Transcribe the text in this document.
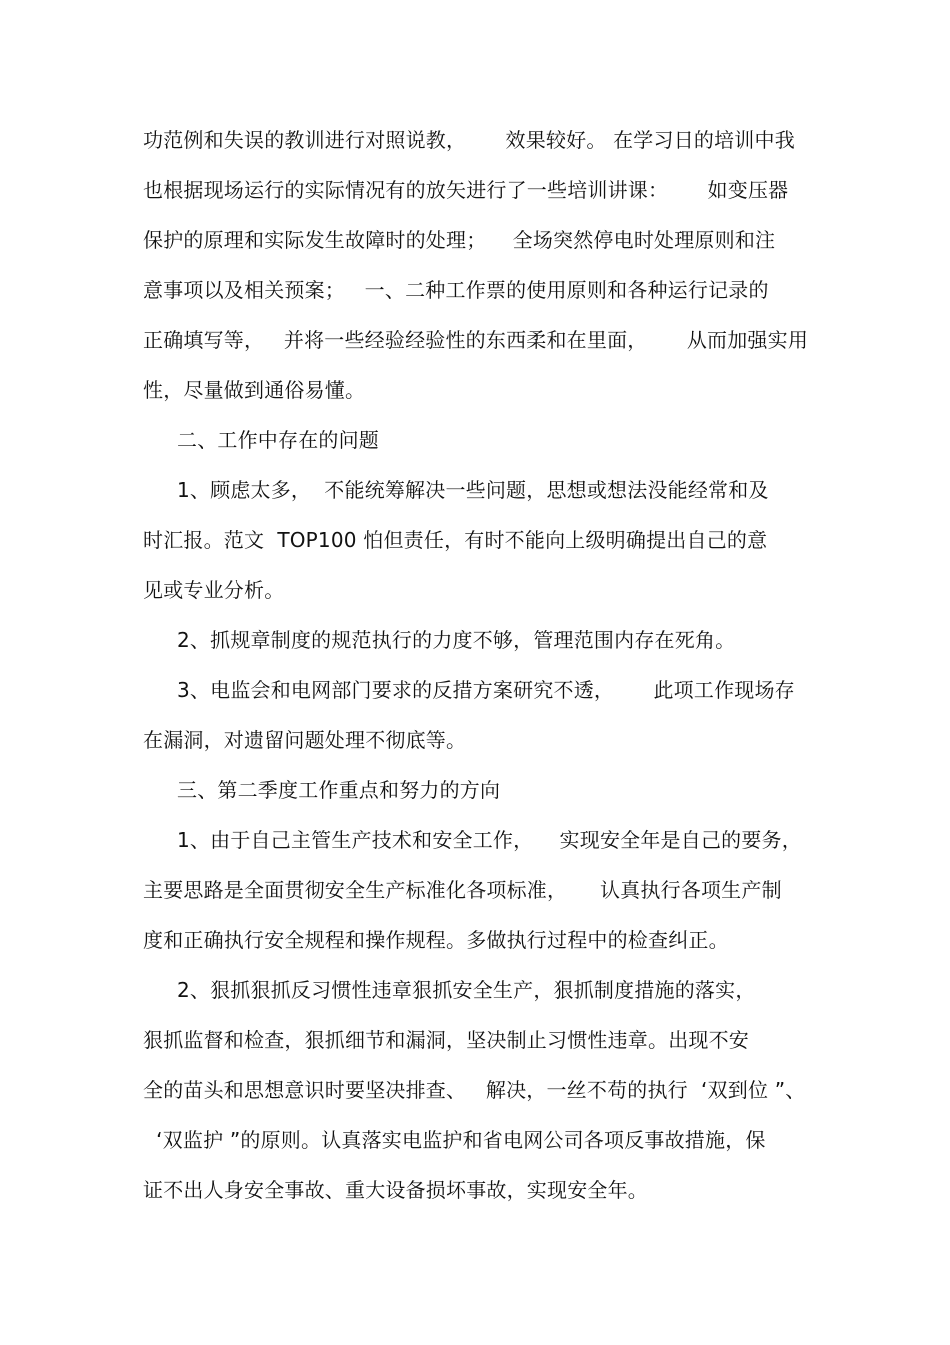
功范例和失误的教训进行对照说教，      效果较好。 在学习日的培训中我
也根据现场运行的实际情况有的放矢进行了一些培训讲课：      如变压器
保护的原理和实际发生故障时的处理；    全场突然停电时处理原则和注
意事项以及相关预案；   一、二种工作票的使用原则和各种运行记录的
正确填写等，   并将一些经验经验性的东西柔和在里面，      从而加强实用
性，尽量做到通俗易懂。
二、工作中存在的问题
1、顾虑太多，  不能统筹解决一些问题，思想或想法没能经常和及
时汇报。范文  TOP100 怕但责任，有时不能向上级明确提出自己的意
见或专业分析。
2、抓规章制度的规范执行的力度不够，管理范围内存在死角。
3、电监会和电网部门要求的反措方案研究不透，      此项工作现场存
在漏洞，对遗留问题处理不彻底等。
三、第二季度工作重点和努力的方向
1、由于自己主管生产技术和安全工作，    实现安全年是自己的要务，
主要思路是全面贯彻安全生产标准化各项标准，     认真执行各项生产制
度和正确执行安全规程和操作规程。多做执行过程中的检查纠正。
2、狠抓狠抓反习惯性违章狠抓安全生产，狠抓制度措施的落实，
狠抓监督和检查，狠抓细节和漏洞，坚决制止习惯性违章。出现不安
全的苗头和思想意识时要坚决排查、   解决，一丝不苟的执行  ‘双到位 ”、
‘双监护 ”的原则。认真落实电监护和省电网公司各项反事故措施，保
证不出人身安全事故、重大设备损坏事故，实现安全年。
